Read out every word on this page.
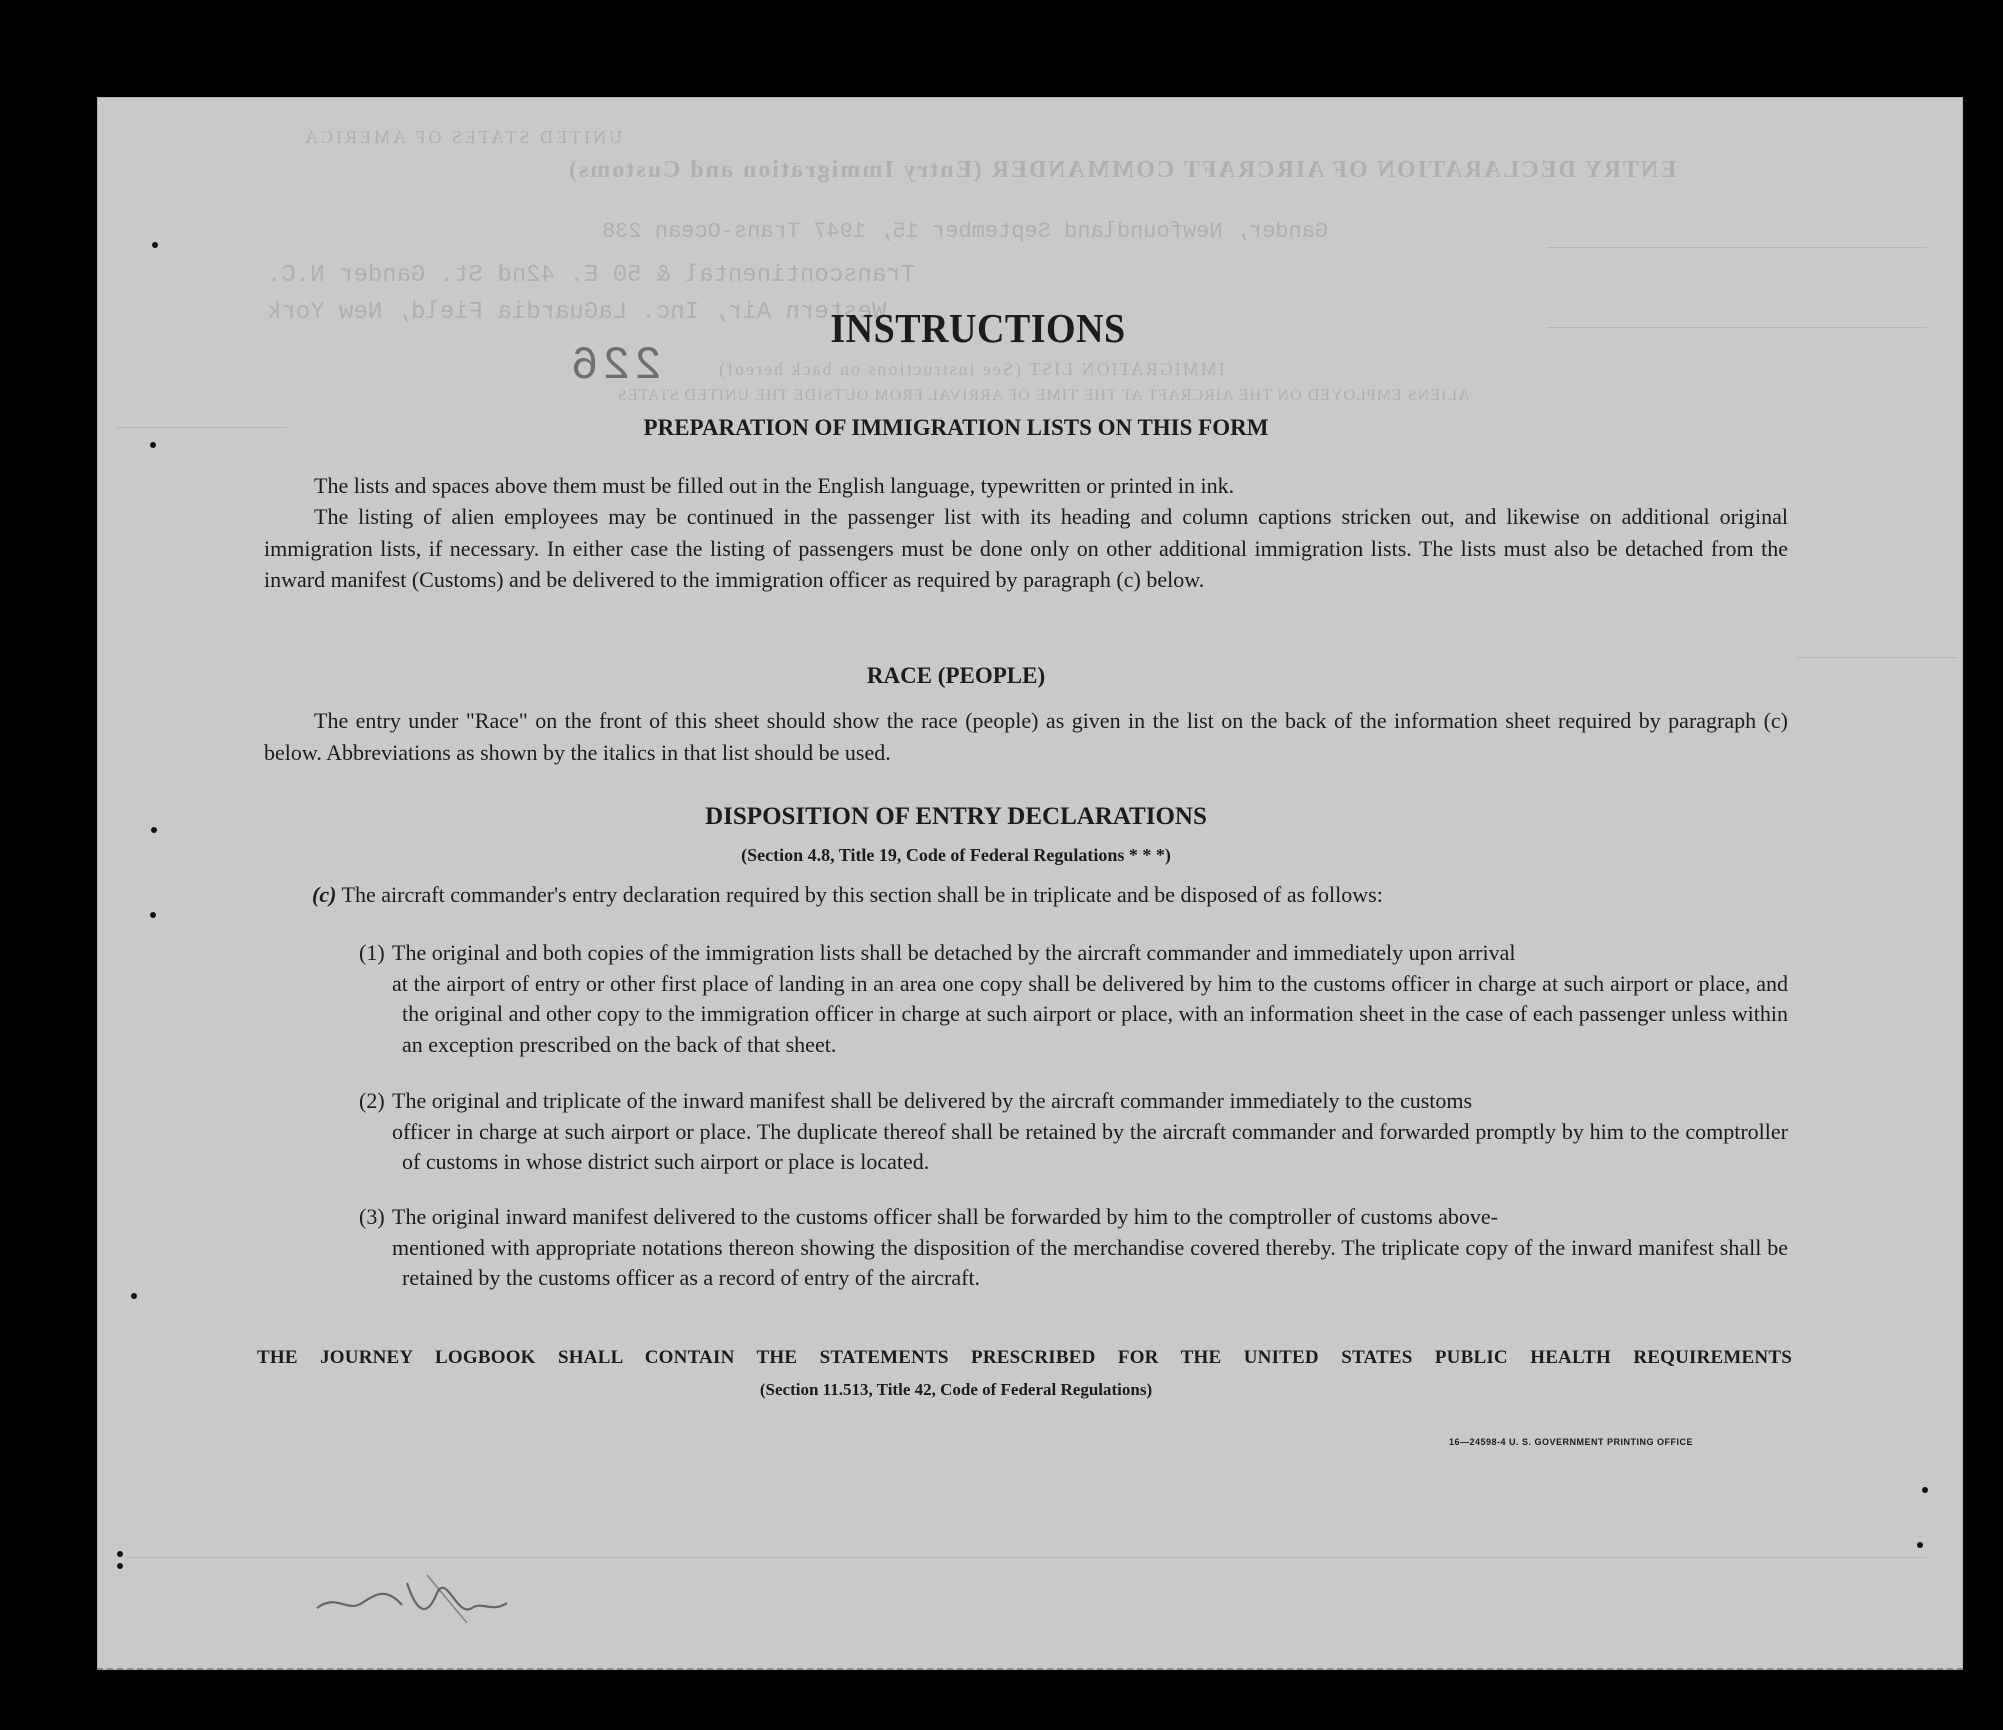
UNITED STATES OF AMERICA
ENTRY DECLARATION OF AIRCRAFT COMMANDER (Entry Immigration and Customs)
Gander, Newfoundland September 15, 1947 Trans-Ocean 238
Transcontinental & 50 E. 42nd St. Gander N.C.
Western Air, Inc. LaGuardia Field, New York
IMMIGRATION LIST (See instructions on back hereof)
ALIENS EMPLOYED ON THE AIRCRAFT AT THE TIME OF ARRIVAL FROM OUTSIDE THE UNITED STATES
226
INSTRUCTIONS
PREPARATION OF IMMIGRATION LISTS ON THIS FORM
The lists and spaces above them must be filled out in the English language, typewritten or printed in ink.
The listing of alien employees may be continued in the passenger list with its heading and column captions stricken out, and likewise on additional original immigration lists, if necessary. In either case the listing of passengers must be done only on other additional immigration lists. The lists must also be detached from the inward manifest (Customs) and be delivered to the immigration officer as required by paragraph (c) below.
RACE (PEOPLE)
The entry under "Race" on the front of this sheet should show the race (people) as given in the list on the back of the information sheet required by paragraph (c) below. Abbreviations as shown by the italics in that list should be used.
DISPOSITION OF ENTRY DECLARATIONS
(Section 4.8, Title 19, Code of Federal Regulations * * *)
(c) The aircraft commander's entry declaration required by this section shall be in triplicate and be disposed of as follows:
(1) The original and both copies of the immigration lists shall be detached by the aircraft commander and immediately upon arrival
at the airport of entry or other first place of landing in an area one copy shall be delivered by him to the customs officer in charge at such airport or place, and the original and other copy to the immigration officer in charge at such airport or place, with an information sheet in the case of each passenger unless within an exception prescribed on the back of that sheet.
(2) The original and triplicate of the inward manifest shall be delivered by the aircraft commander immediately to the customs
officer in charge at such airport or place. The duplicate thereof shall be retained by the aircraft commander and forwarded promptly by him to the comptroller of customs in whose district such airport or place is located.
(3) The original inward manifest delivered to the customs officer shall be forwarded by him to the comptroller of customs above-
mentioned with appropriate notations thereon showing the disposition of the merchandise covered thereby. The triplicate copy of the inward manifest shall be retained by the customs officer as a record of entry of the aircraft.
THE JOURNEY LOGBOOK SHALL CONTAIN THE STATEMENTS PRESCRIBED FOR THE UNITED STATES PUBLIC HEALTH REQUIREMENTS
(Section 11.513, Title 42, Code of Federal Regulations)
16—24598-4 U. S. GOVERNMENT PRINTING OFFICE
